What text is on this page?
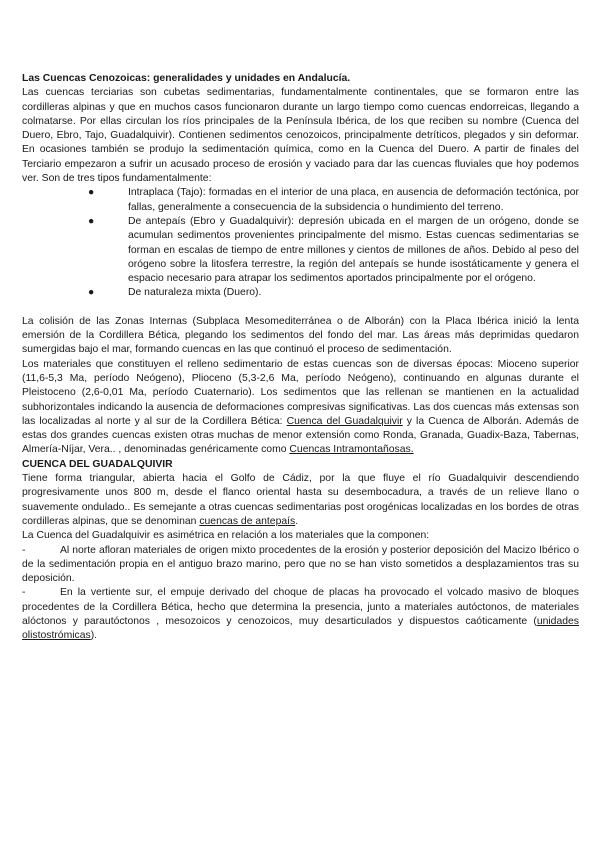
Las Cuencas Cenozoicas: generalidades y unidades en Andalucía.

Las cuencas terciarias son cubetas sedimentarias, fundamentalmente continentales, que se formaron entre las cordilleras alpinas y que en muchos casos funcionaron durante un largo tiempo como cuencas endorreicas, llegando a colmatarse. Por ellas circulan los ríos principales de la Península Ibérica, de los que reciben su nombre (Cuenca del Duero, Ebro, Tajo, Guadalquivir). Contienen sedimentos cenozoicos, principalmente detríticos, plegados y sin deformar. En ocasiones también se produjo la sedimentación química, como en la Cuenca del Duero. A partir de finales del Terciario empezaron a sufrir un acusado proceso de erosión y vaciado para dar las cuencas fluviales que hoy podemos ver. Son de tres tipos fundamentalmente:

●	Intraplaca (Tajo): formadas en el interior de una placa, en ausencia de deformación tectónica, por fallas, generalmente a consecuencia de la subsidencia o hundimiento del terreno.
●	De antepaís (Ebro y Guadalquivir): depresión ubicada en el margen de un orógeno, donde se acumulan sedimentos provenientes principalmente del mismo. Estas cuencas sedimentarias se forman en escalas de tiempo de entre millones y cientos de millones de años. Debido al peso del orógeno sobre la litosfera terrestre, la región del antepaís se hunde isostáticamente y genera el espacio necesario para atrapar los sedimentos aportados principalmente por el orógeno.
●	De naturaleza mixta (Duero).

La colisión de las Zonas Internas (Subplaca Mesomediterránea o de Alborán) con la Placa Ibérica inició la lenta emersión de la Cordillera Bética, plegando los sedimentos del fondo del mar. Las áreas más deprimidas quedaron sumergidas bajo el mar, formando cuencas en las que continuó el proceso de sedimentación.

Los materiales que constituyen el relleno sedimentario de estas cuencas son de diversas épocas: Mioceno superior (11,6-5,3 Ma, período Neógeno), Plioceno (5,3-2,6 Ma, período Neógeno), continuando en algunas durante el Pleistoceno (2,6-0,01 Ma, período Cuaternario). Los sedimentos que las rellenan se mantienen en la actualidad subhorizontales indicando la ausencia de deformaciones compresivas significativas. Las dos cuencas más extensas son las localizadas al norte y al sur de la Cordillera Bética: Cuenca del Guadalquivir y la Cuenca de Alborán. Además de estas dos grandes cuencas existen otras muchas de menor extensión como Ronda, Granada, Guadix-Baza, Tabernas, Almería-Níjar, Vera.. , denominadas genéricamente como Cuencas Intramontañosas.

CUENCA DEL GUADALQUIVIR

Tiene forma triangular, abierta hacia el Golfo de Cádiz, por la que fluye el río Guadalquivir descendiendo progresivamente unos 800 m, desde el flanco oriental hasta su desembocadura, a través de un relieve llano o suavemente ondulado.. Es semejante a otras cuencas sedimentarias post orogénicas localizadas en los bordes de otras cordilleras alpinas, que se denominan cuencas de antepaís.

La Cuenca del Guadalquivir es asimétrica en relación a los materiales que la componen:

-	Al norte afloran materiales de origen mixto procedentes de la erosión y posterior deposición del Macizo Ibérico o de la sedimentación propia en el antiguo brazo marino, pero que no se han visto sometidos a desplazamientos tras su deposición.

-	En la vertiente sur, el empuje derivado del choque de placas ha provocado el volcado masivo de bloques procedentes de la Cordillera Bética, hecho que determina la presencia, junto a materiales autóctonos, de materiales alóctonos y parautóctonos , mesozoicos y cenozoicos, muy desarticulados y dispuestos caóticamente (unidades olistostrómicas).
